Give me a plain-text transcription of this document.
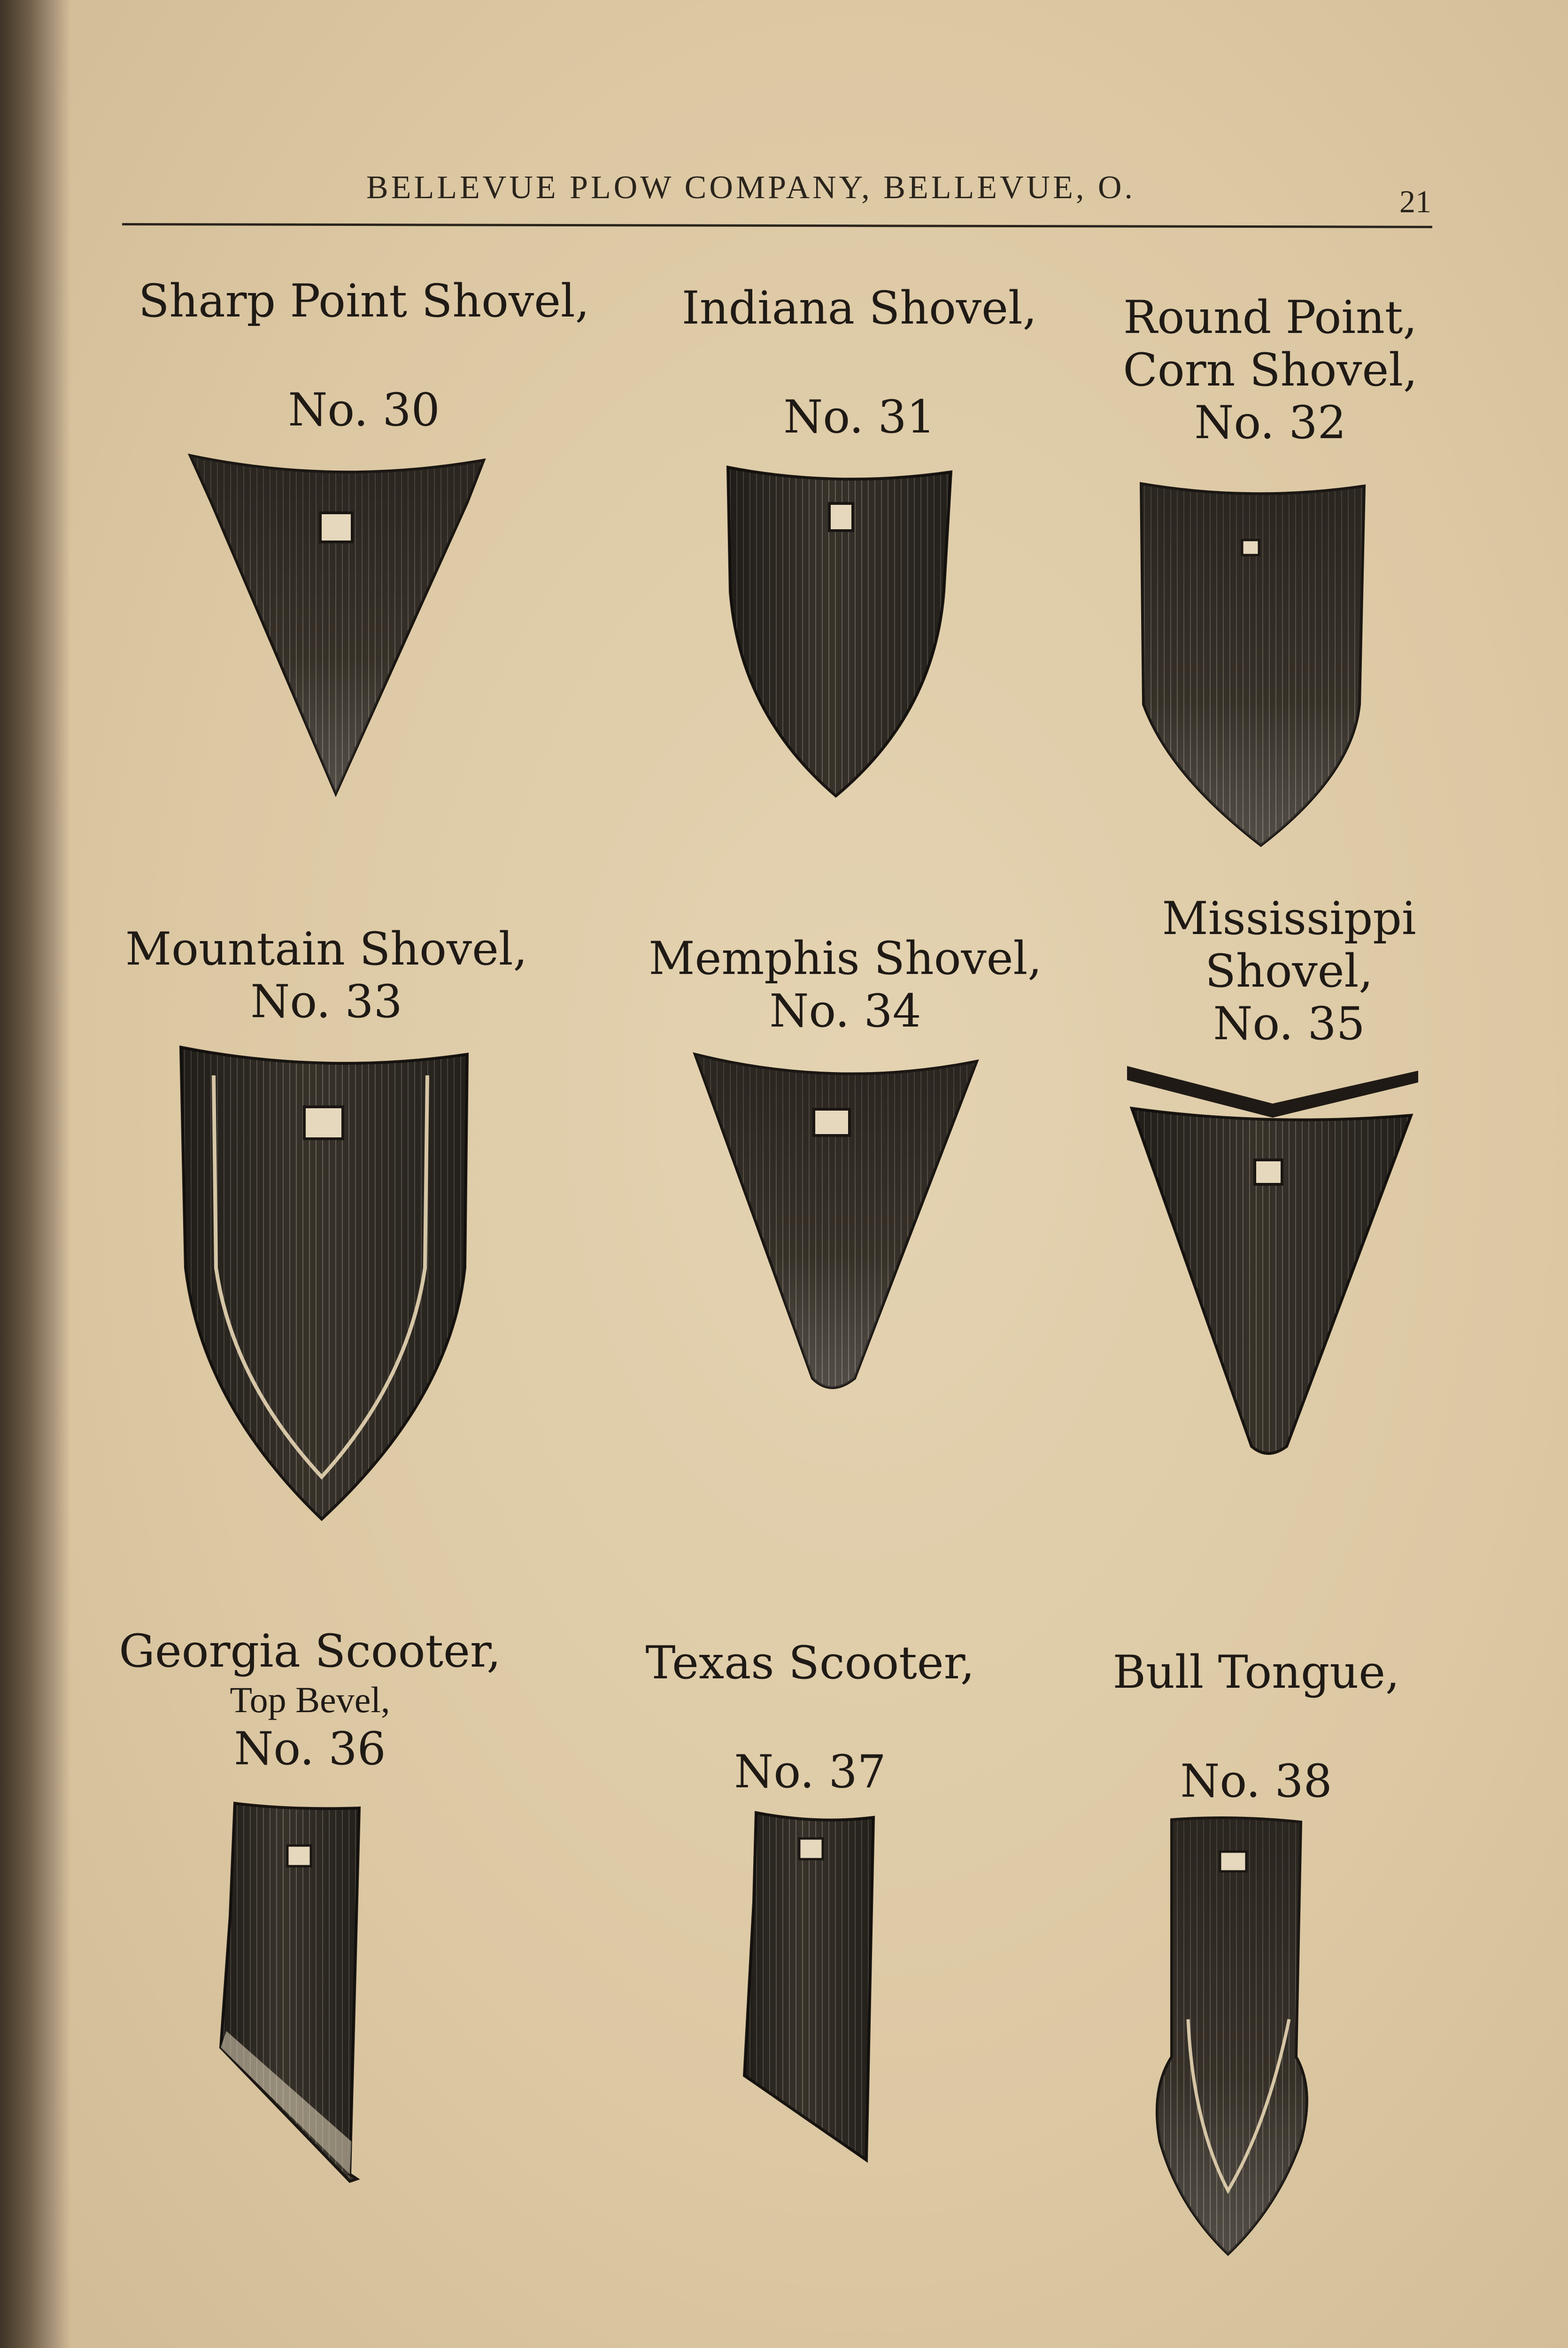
BELLEVUE PLOW COMPANY, BELLEVUE, O.	21
Sharp Point Shovel,
No. 30
Indiana Shovel,
No. 31
Round Point,
Corn Shovel,
No. 32
Mountain Shovel,
No. 33
Memphis Shovel,
No. 34
Mississippi
Shovel,
No. 35
Georgia Scooter,
Top Bevel,
No. 36
Texas Scooter,
No. 37
Bull Tongue,
No. 38
